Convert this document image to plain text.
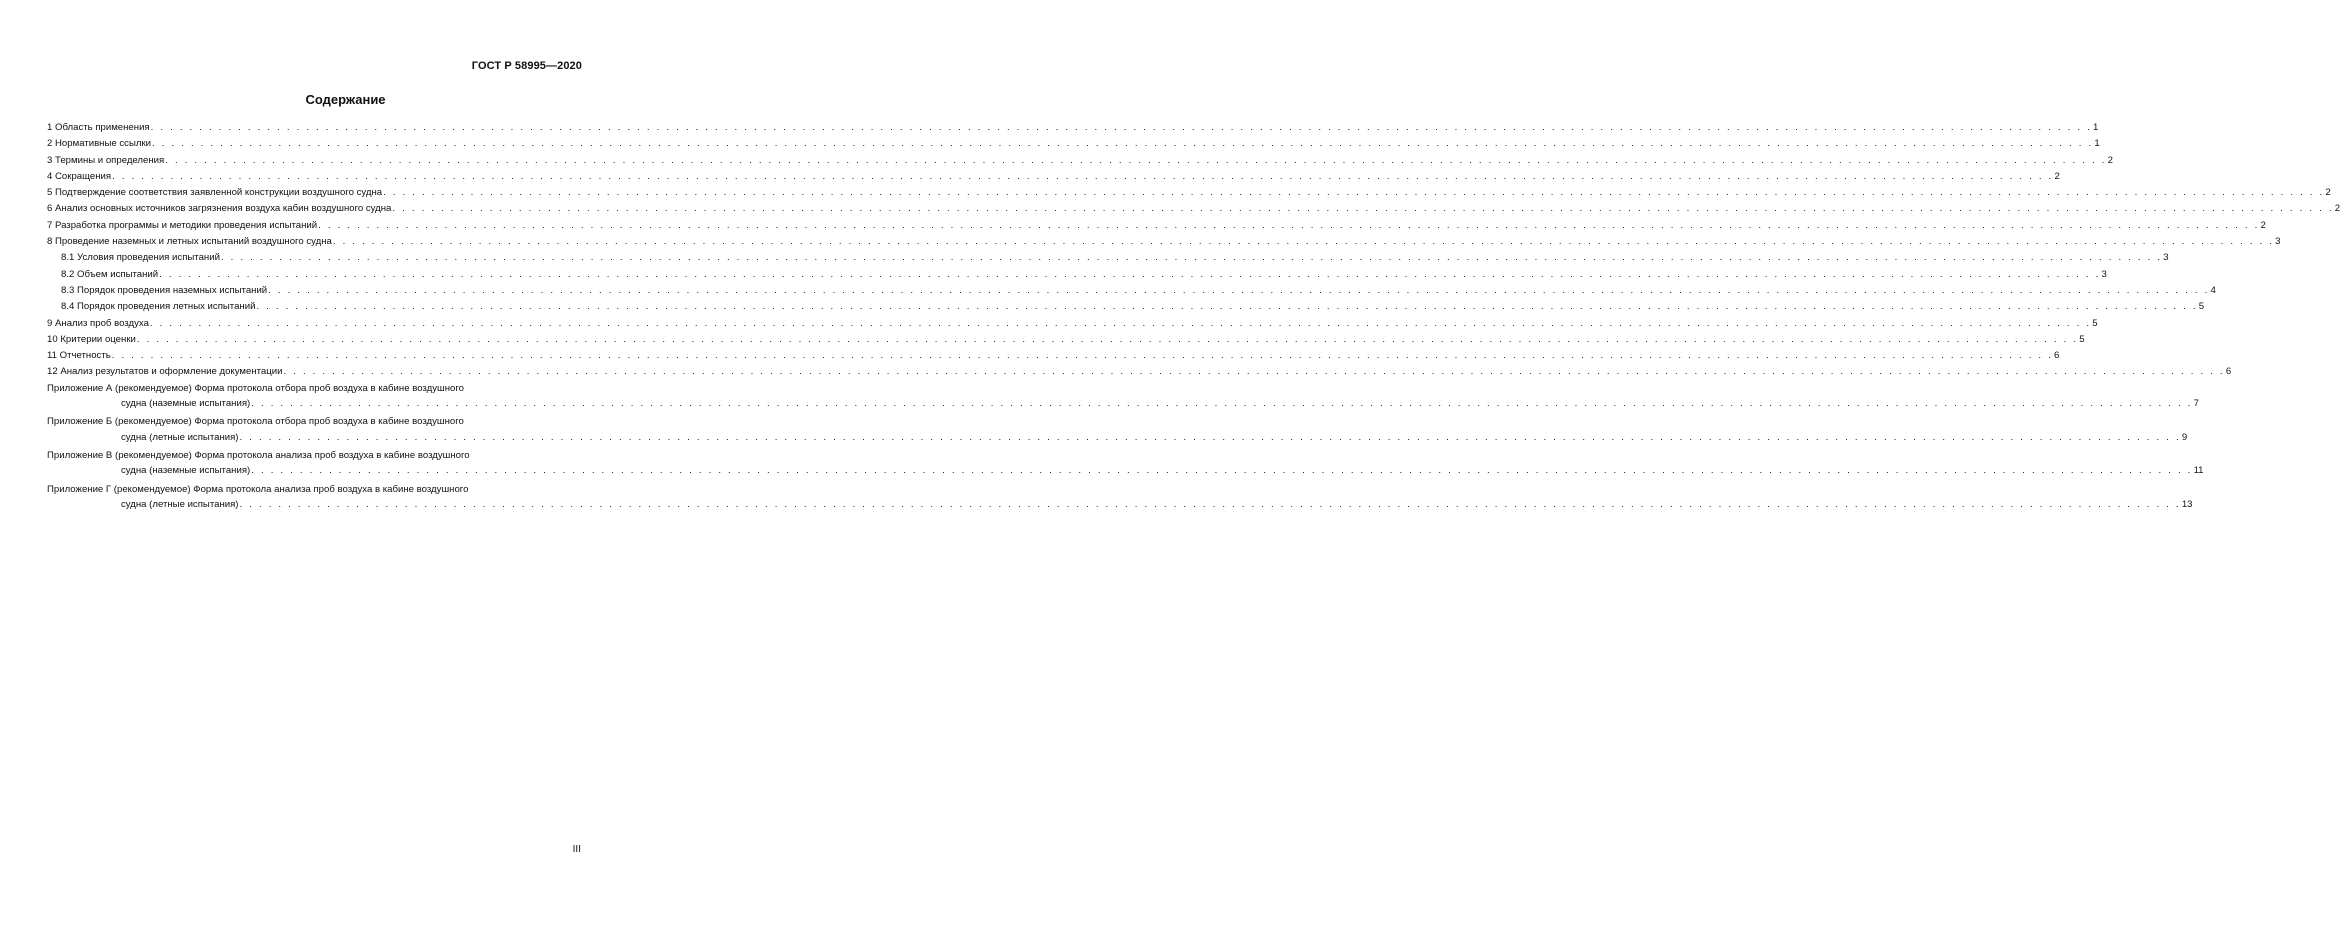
ГОСТ Р 58995—2020
Содержание
1 Область применения . . . . . . . . . . . . . . . . . . . . . . . . . . . . . . . . . . . . . . . . . . . . . . . . . . . . . . . . . . . . . . . . . . . . . . . . . . . . . . . . . . . . . . . . . . . . . . . . . . . . . . . . . . . . . . . . . . . . . . . . . . . . . . . . . . . . . . . . . . . . . . . . . . . . . . . . . . . . . . . . . . . . . . . . . . . . . . . . . . . . . . . . . . . . . . . . . . . . . . . . 1
2 Нормативные ссылки . . . . . . . . . . . . . . . . . . . . . . . . . . . . . . . . . . . . . . . . . . . . . . . . . . . . . . . . . . . . . . . . . . . . . . . . . . . . . . . . . . . . . . . . . . . . . . . . . . . . . . . . . . . . . . . . . . . . . . . . . . . . . . . . . . . . . . . . . . . . . . . . . . . . . . . . . . . . . . . . . . . . . . . . . . . . . . . . . . . . . . . . . . . . . . . . . . . . . . . . 1
3 Термины и определения . . . . . . . . . . . . . . . . . . . . . . . . . . . . . . . . . . . . . . . . . . . . . . . . . . . . . . . . . . . . . . . . . . . . . . . . . . . . . . . . . . . . . . . . . . . . . . . . . . . . . . . . . . . . . . . . . . . . . . . . . . . . . . . . . . . . . . . . . . . . . . . . . . . . . . . . . . . . . . . . . . . . . . . . . . . . . . . . . . . . . . . . . . . . . . . . . . . . . . . . 2
4 Сокращения . . . . . . . . . . . . . . . . . . . . . . . . . . . . . . . . . . . . . . . . . . . . . . . . . . . . . . . . . . . . . . . . . . . . . . . . . . . . . . . . . . . . . . . . . . . . . . . . . . . . . . . . . . . . . . . . . . . . . . . . . . . . . . . . . . . . . . . . . . . . . . . . . . . . . . . . . . . . . . . . . . . . . . . . . . . . . . . . . . . . . . . . . . . . . . . . . . . . . . . . 2
5 Подтверждение соответствия заявленной конструкции воздушного судна . . . . . . . . . . . . . . . . . . . . . . . . . . . . . . . . . . . . . . . . . . . . . . . . . . . . . . . . . . . . . . . . . . . . . . . . . . . . . . . . . . . . . . . . . . . . . . . . . . . . . . . . . . . . . . . . . . . . . . . . . . . . . . . . . . . . . . . . . . . . . . . . . . . . . . . . . . . . . . . . . . . . . . . . . . . . . . . . . . . . . . . . . . . . . . . . . . . . . . . . 2
6 Анализ основных источников загрязнения воздуха кабин воздушного судна . . . . . . . . . . . . . . . . . . . . . . . . . . . . . . . . . . . . . . . . . . . . . . . . . . . . . . . . . . . . . . . . . . . . . . . . . . . . . . . . . . . . . . . . . . . . . . . . . . . . . . . . . . . . . . . . . . . . . . . . . . . . . . . . . . . . . . . . . . . . . . . . . . . . . . . . . . . . . . . . . . . . . . . . . . . . . . . . . . . . . . . . . . . . . . . . . . . . . . . . 2
7 Разработка программы и методики проведения испытаний . . . . . . . . . . . . . . . . . . . . . . . . . . . . . . . . . . . . . . . . . . . . . . . . . . . . . . . . . . . . . . . . . . . . . . . . . . . . . . . . . . . . . . . . . . . . . . . . . . . . . . . . . . . . . . . . . . . . . . . . . . . . . . . . . . . . . . . . . . . . . . . . . . . . . . . . . . . . . . . . . . . . . . . . . . . . . . . . . . . . . . . . . . . . . . . . . . . . . . . . 2
8 Проведение наземных и летных испытаний воздушного судна . . . . . . . . . . . . . . . . . . . . . . . . . . . . . . . . . . . . . . . . . . . . . . . . . . . . . . . . . . . . . . . . . . . . . . . . . . . . . . . . . . . . . . . . . . . . . . . . . . . . . . . . . . . . . . . . . . . . . . . . . . . . . . . . . . . . . . . . . . . . . . . . . . . . . . . . . . . . . . . . . . . . . . . . . . . . . . . . . . . . . . . . . . . . . . . . . . . . . . . . 3
8.1 Условия проведения испытаний . . . . . . . . . . . . . . . . . . . . . . . . . . . . . . . . . . . . . . . . . . . . . . . . . . . . . . . . . . . . . . . . . . . . . . . . . . . . . . . . . . . . . . . . . . . . . . . . . . . . . . . . . . . . . . . . . . . . . . . . . . . . . . . . . . . . . . . . . . . . . . . . . . . . . . . . . . . . . . . . . . . . . . . . . . . . . . . . . . . . . . . . . . . . . . . . . . . . . . . . 3
8.2 Объем испытаний . . . . . . . . . . . . . . . . . . . . . . . . . . . . . . . . . . . . . . . . . . . . . . . . . . . . . . . . . . . . . . . . . . . . . . . . . . . . . . . . . . . . . . . . . . . . . . . . . . . . . . . . . . . . . . . . . . . . . . . . . . . . . . . . . . . . . . . . . . . . . . . . . . . . . . . . . . . . . . . . . . . . . . . . . . . . . . . . . . . . . . . . . . . . . . . . . . . . . . . . 3
8.3 Порядок проведения наземных испытаний . . . . . . . . . . . . . . . . . . . . . . . . . . . . . . . . . . . . . . . . . . . . . . . . . . . . . . . . . . . . . . . . . . . . . . . . . . . . . . . . . . . . . . . . . . . . . . . . . . . . . . . . . . . . . . . . . . . . . . . . . . . . . . . . . . . . . . . . . . . . . . . . . . . . . . . . . . . . . . . . . . . . . . . . . . . . . . . . . . . . . . . . . . . . . . . . . . . . . . . . 4
8.4 Порядок проведения летных испытаний . . . . . . . . . . . . . . . . . . . . . . . . . . . . . . . . . . . . . . . . . . . . . . . . . . . . . . . . . . . . . . . . . . . . . . . . . . . . . . . . . . . . . . . . . . . . . . . . . . . . . . . . . . . . . . . . . . . . . . . . . . . . . . . . . . . . . . . . . . . . . . . . . . . . . . . . . . . . . . . . . . . . . . . . . . . . . . . . . . . . . . . . . . . . . . . . . . . . . . . . 5
9 Анализ проб воздуха . . . . . . . . . . . . . . . . . . . . . . . . . . . . . . . . . . . . . . . . . . . . . . . . . . . . . . . . . . . . . . . . . . . . . . . . . . . . . . . . . . . . . . . . . . . . . . . . . . . . . . . . . . . . . . . . . . . . . . . . . . . . . . . . . . . . . . . . . . . . . . . . . . . . . . . . . . . . . . . . . . . . . . . . . . . . . . . . . . . . . . . . . . . . . . . . . . . . . . . . 5
10 Критерии оценки . . . . . . . . . . . . . . . . . . . . . . . . . . . . . . . . . . . . . . . . . . . . . . . . . . . . . . . . . . . . . . . . . . . . . . . . . . . . . . . . . . . . . . . . . . . . . . . . . . . . . . . . . . . . . . . . . . . . . . . . . . . . . . . . . . . . . . . . . . . . . . . . . . . . . . . . . . . . . . . . . . . . . . . . . . . . . . . . . . . . . . . . . . . . . . . . . . . . . . . . 5
11 Отчетность . . . . . . . . . . . . . . . . . . . . . . . . . . . . . . . . . . . . . . . . . . . . . . . . . . . . . . . . . . . . . . . . . . . . . . . . . . . . . . . . . . . . . . . . . . . . . . . . . . . . . . . . . . . . . . . . . . . . . . . . . . . . . . . . . . . . . . . . . . . . . . . . . . . . . . . . . . . . . . . . . . . . . . . . . . . . . . . . . . . . . . . . . . . . . . . . . . . . . . . . 6
12 Анализ результатов и оформление документации . . . . . . . . . . . . . . . . . . . . . . . . . . . . . . . . . . . . . . . . . . . . . . . . . . . . . . . . . . . . . . . . . . . . . . . . . . . . . . . . . . . . . . . . . . . . . . . . . . . . . . . . . . . . . . . . . . . . . . . . . . . . . . . . . . . . . . . . . . . . . . . . . . . . . . . . . . . . . . . . . . . . . . . . . . . . . . . . . . . . . . . . . . . . . . . . . . . . . . . . 6
Приложение А (рекомендуемое) Форма протокола отбора проб воздуха в кабине воздушного
судна (наземные испытания) . . . . . . . . . . . . . . . . . . . . . . . . . . . . . . . . . . . . . . . . . . . . . . . . . . . . . . . . . . . . . . . . . . . . . . . . . . . . . . . . . . . . . . . . . . . . . . . . . . . . . . . . . . . . . . . . . . . . . . . . . . . . . . . . . . . . . . . . . . . . . . . . . . . . . . . . . . . . . . . . . . . . . . . . . . . . . . . . . . . . . . . . . . . . . . . . . . . . . . . . 7
Приложение Б (рекомендуемое) Форма протокола отбора проб воздуха в кабине воздушного
судна (летные испытания) . . . . . . . . . . . . . . . . . . . . . . . . . . . . . . . . . . . . . . . . . . . . . . . . . . . . . . . . . . . . . . . . . . . . . . . . . . . . . . . . . . . . . . . . . . . . . . . . . . . . . . . . . . . . . . . . . . . . . . . . . . . . . . . . . . . . . . . . . . . . . . . . . . . . . . . . . . . . . . . . . . . . . . . . . . . . . . . . . . . . . . . . . . . . . . . . . . . . . . . . 9
Приложение В (рекомендуемое) Форма протокола анализа проб воздуха в кабине воздушного
судна (наземные испытания) . . . . . . . . . . . . . . . . . . . . . . . . . . . . . . . . . . . . . . . . . . . . . . . . . . . . . . . . . . . . . . . . . . . . . . . . . . . . . . . . . . . . . . . . . . . . . . . . . . . . . . . . . . . . . . . . . . . . . . . . . . . . . . . . . . . . . . . . . . . . . . . . . . . . . . . . . . . . . . . . . . . . . . . . . . . . . . . . . . . . . . . . . . . . . . . . . . . . . . . . 11
Приложение Г (рекомендуемое) Форма протокола анализа проб воздуха в кабине воздушного
судна (летные испытания) . . . . . . . . . . . . . . . . . . . . . . . . . . . . . . . . . . . . . . . . . . . . . . . . . . . . . . . . . . . . . . . . . . . . . . . . . . . . . . . . . . . . . . . . . . . . . . . . . . . . . . . . . . . . . . . . . . . . . . . . . . . . . . . . . . . . . . . . . . . . . . . . . . . . . . . . . . . . . . . . . . . . . . . . . . . . . . . . . . . . . . . . . . . . . . . . . . . . . . . . 13
III
